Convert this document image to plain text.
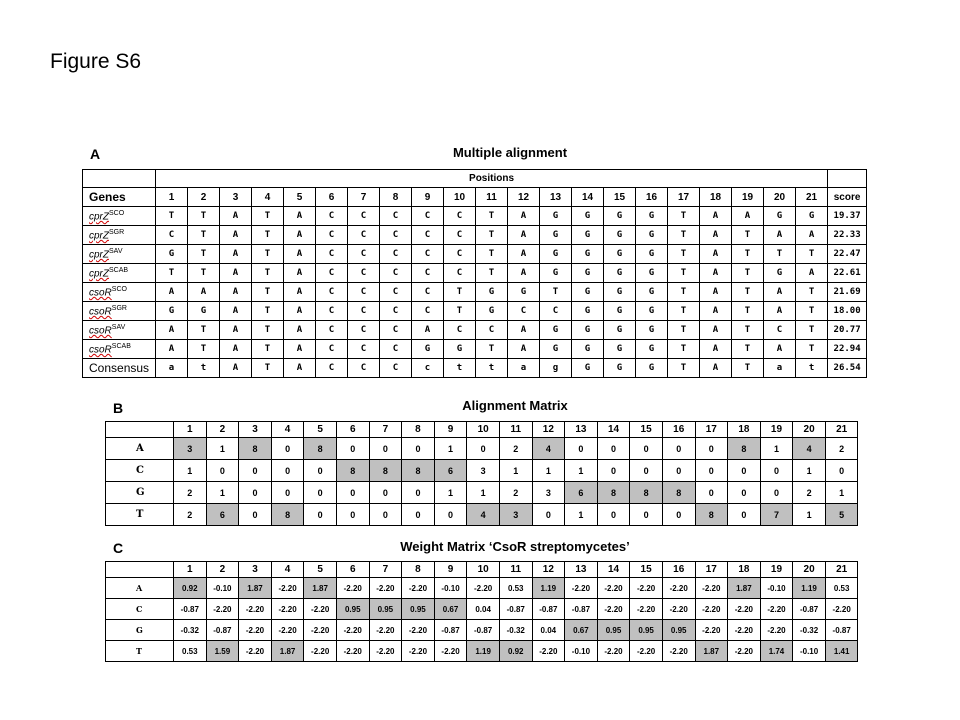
Figure S6
A	Multiple alignment
	Positions																					
Genes	1	2	3	4	5	6	7	8	9	10	11	12	13	14	15	16	17	18	19	20	21	score
cprZ$^{SCO}$	T	T	A	T	A	C	C	C	C	C	T	A	G	G	G	G	T	A	A	G	G	19.37
cprZ$^{SGR}$	C	T	A	T	A	C	C	C	C	C	T	A	G	G	G	G	T	A	T	A	A	22.33
cprZ$^{SAV}$	G	T	A	T	A	C	C	C	C	C	T	A	G	G	G	G	T	A	T	T	T	22.47
cprZ$^{SCAB}$	T	T	A	T	A	C	C	C	C	C	T	A	G	G	G	G	T	A	T	G	A	22.61
csoR$^{SCO}$	A	A	A	T	A	C	C	C	C	T	G	G	T	G	G	G	T	A	T	A	T	21.69
csoR$^{SGR}$	G	G	A	T	A	C	C	C	C	T	G	C	C	G	G	G	T	A	T	A	T	18.00
csoR$^{SAV}$	A	T	A	T	A	C	C	C	A	C	C	A	G	G	G	G	T	A	T	C	T	20.77
csoR$^{SCAB}$	A	T	A	T	A	C	C	C	G	G	T	A	G	G	G	G	T	A	T	A	T	22.94
Consensus	a	t	A	T	A	C	C	C	c	t	t	a	g	G	G	G	T	A	T	a	t	26.54
B	Alignment Matrix
	1	2	3	4	5	6	7	8	9	10	11	12	13	14	15	16	17	18	19	20	21
A	3	1	8	0	8	0	0	0	1	0	2	4	0	0	0	0	0	8	1	4	2
C	1	0	0	0	0	8	8	8	6	3	1	1	1	0	0	0	0	0	0	1	0
G	2	1	0	0	0	0	0	0	1	1	2	3	6	8	8	8	0	0	0	2	1
T	2	6	0	8	0	0	0	0	0	4	3	0	1	0	0	0	8	0	7	1	5
C	Weight Matrix ‘CsoR streptomycetes’
	1	2	3	4	5	6	7	8	9	10	11	12	13	14	15	16	17	18	19	20	21
A	0.92	-0.10	1.87	-2.20	1.87	-2.20	-2.20	-2.20	-0.10	-2.20	0.53	1.19	-2.20	-2.20	-2.20	-2.20	-2.20	1.87	-0.10	1.19	0.53
C	-0.87	-2.20	-2.20	-2.20	-2.20	0.95	0.95	0.95	0.67	0.04	-0.87	-0.87	-0.87	-2.20	-2.20	-2.20	-2.20	-2.20	-2.20	-0.87	-2.20
G	-0.32	-0.87	-2.20	-2.20	-2.20	-2.20	-2.20	-2.20	-0.87	-0.87	-0.32	0.04	0.67	0.95	0.95	0.95	-2.20	-2.20	-2.20	-0.32	-0.87
T	0.53	1.59	-2.20	1.87	-2.20	-2.20	-2.20	-2.20	-2.20	1.19	0.92	-2.20	-0.10	-2.20	-2.20	-2.20	1.87	-2.20	1.74	-0.10	1.41
